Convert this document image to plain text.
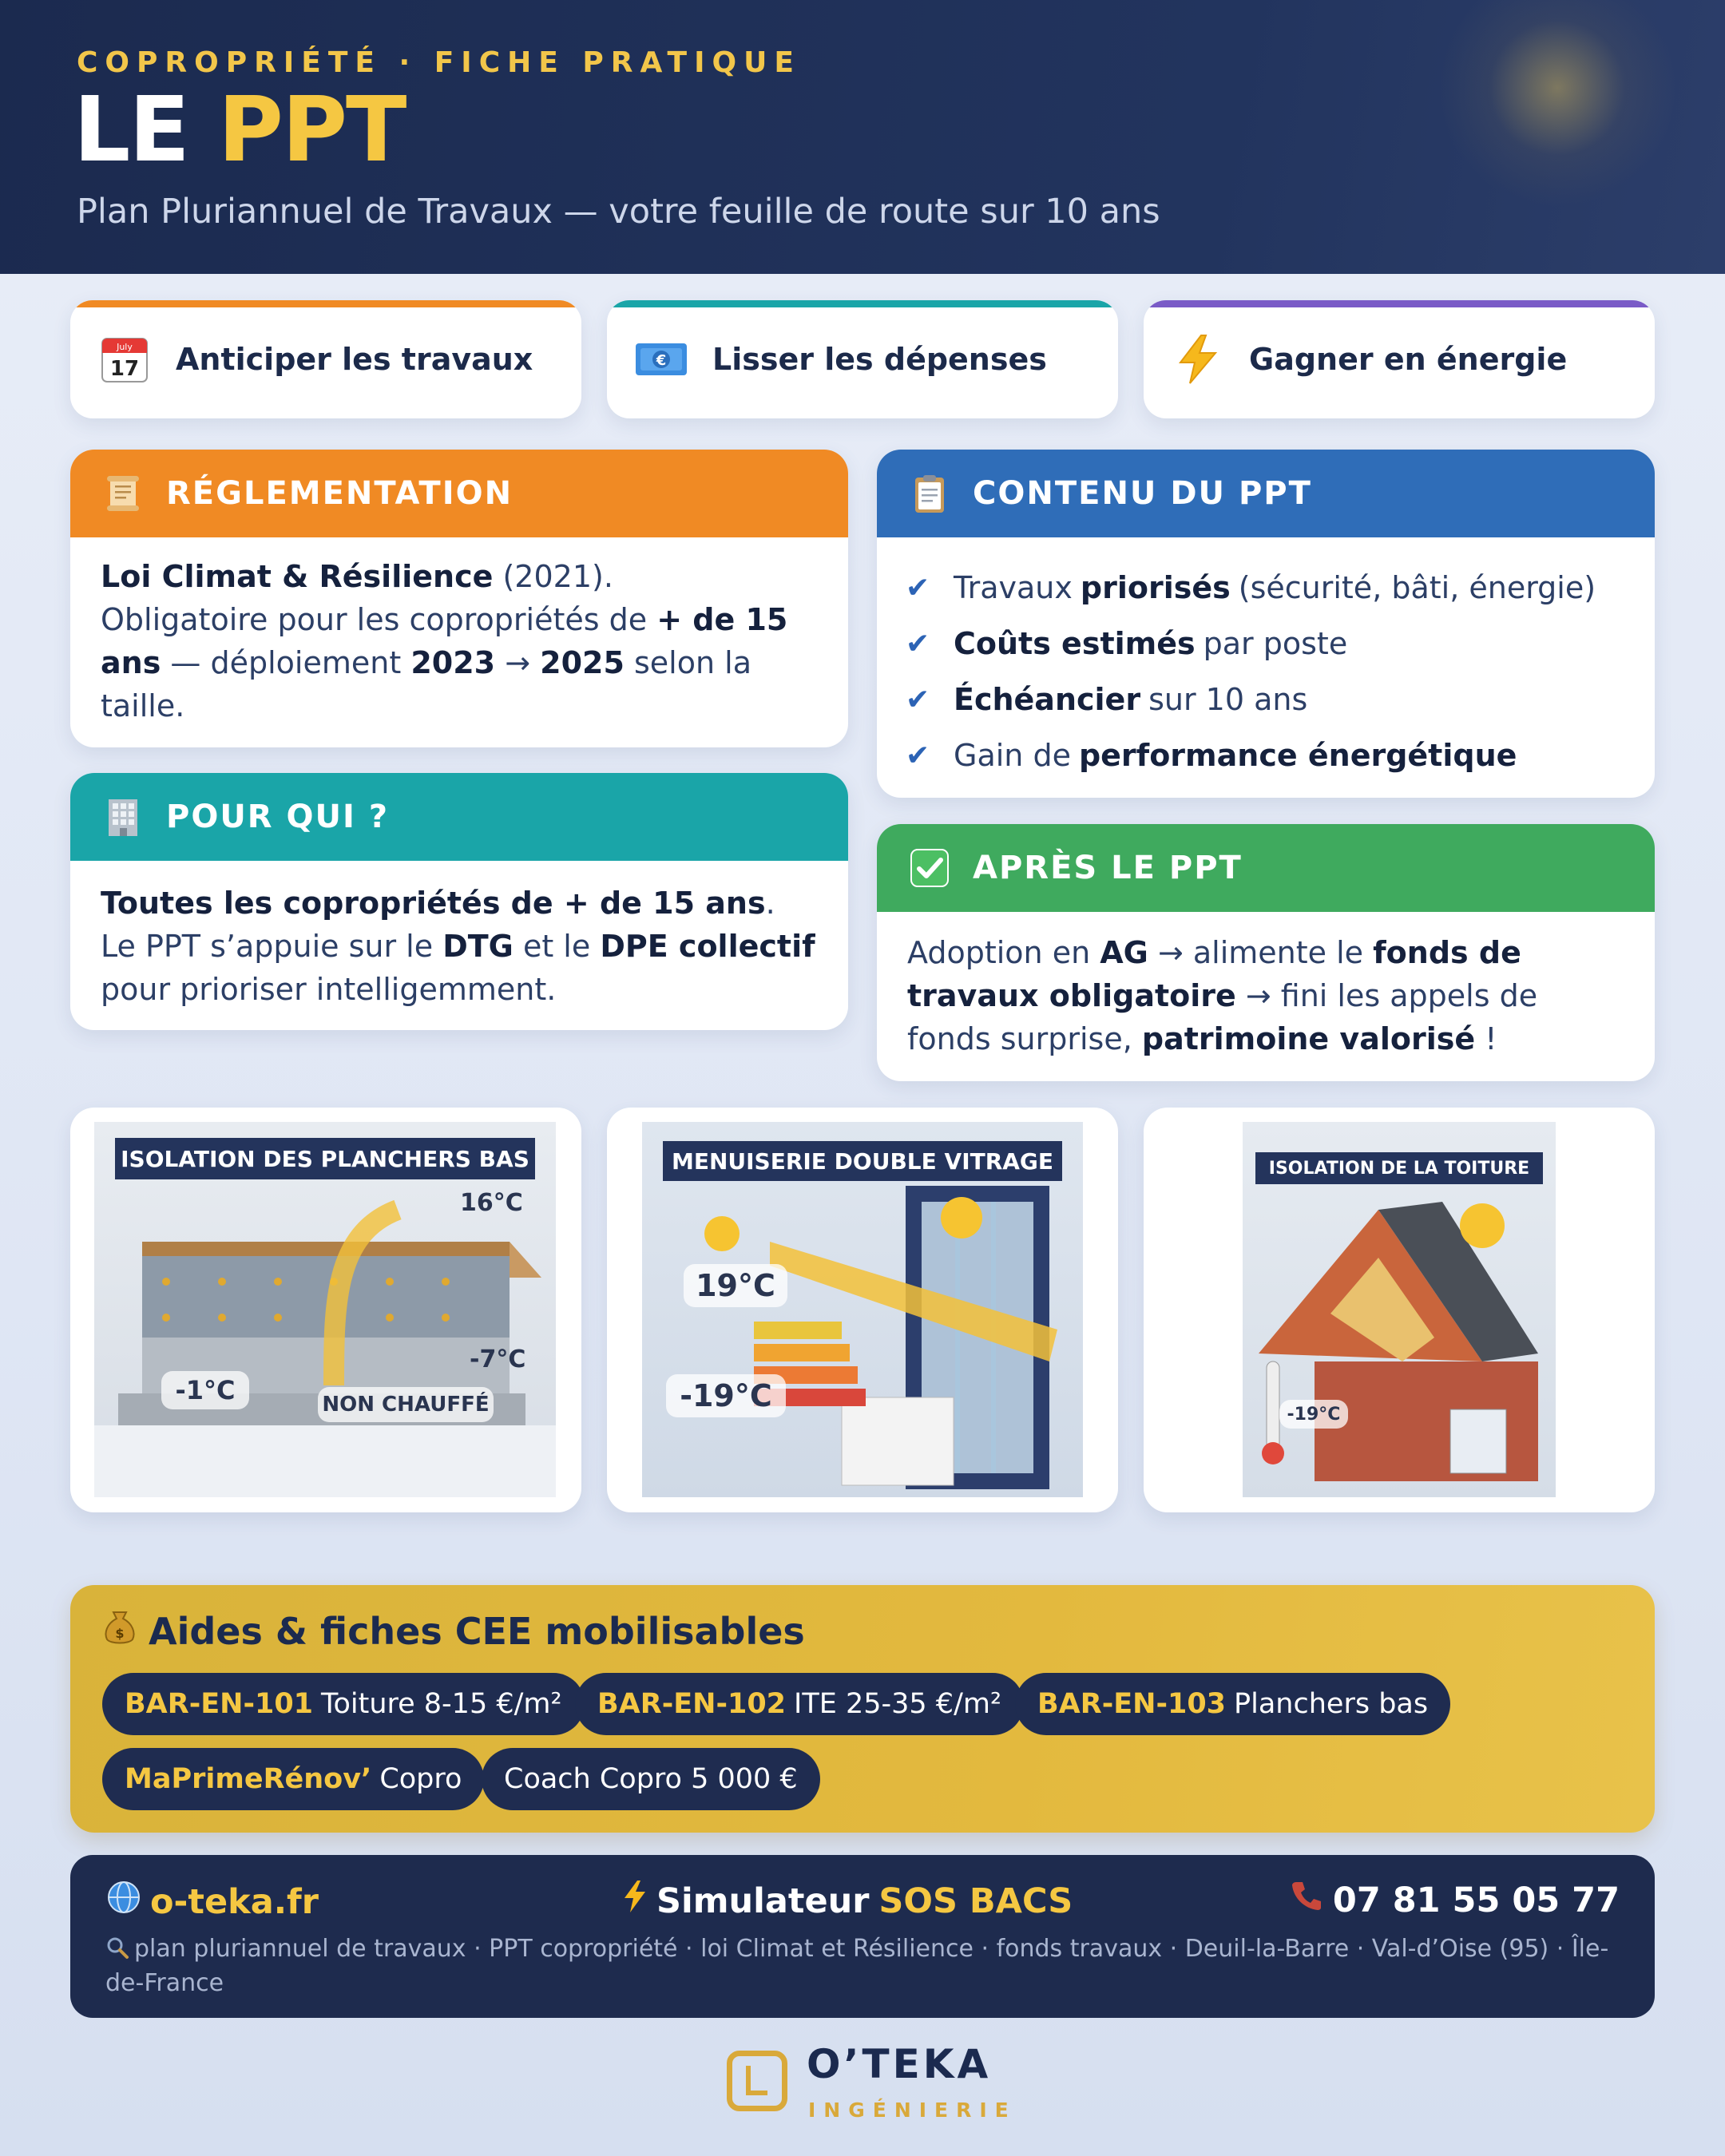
COPROPRIÉTÉ · FICHE PRATIQUE
LE PPT
Plan Pluriannuel de Travaux — votre feuille de route sur 10 ans
July
17 Anticiper les travaux	€ Lisser les dépenses	Gagner en énergie
RÉGLEMENTATION
Loi Climat & Résilience (2021).
Obligatoire pour les copropriétés de + de 15 ans — déploiement 2023 → 2025 selon la taille.
POUR QUI ?
Toutes les copropriétés de + de 15 ans. Le PPT s’appuie sur le DTG et le DPE collectif pour prioriser intelligemment.
CONTENU DU PPT
✔ Travaux priorisés (sécurité, bâti, énergie)
✔ Coûts estimés par poste
✔ Échéancier sur 10 ans
✔ Gain de performance énergétique
APRÈS LE PPT
Adoption en AG → alimente le fonds de travaux obligatoire → fini les appels de fonds surprise, patrimoine valorisé !
ISOLATION DES PLANCHERS BAS
16°C
-7°C
-1°C	NON CHAUFFÉ
MENUISERIE DOUBLE VITRAGE
19°C
-19°C
ISOLATION DE LA TOITURE
-19°C
$ Aides & fiches CEE mobilisables
BAR-EN-101 Toiture 8-15 €/m² BAR-EN-102 ITE 25-35 €/m² BAR-EN-103 Planchers bas
MaPrimeRénov’ Copro Coach Copro 5 000 €
o-teka.fr	Simulateur SOS BACS	07 81 55 05 77
plan pluriannuel de travaux · PPT copropriété · loi Climat et Résilience · fonds travaux · Deuil-la-Barre · Val-d’Oise (95) · Île-de-France
O’TEKA
INGÉNIERIE
